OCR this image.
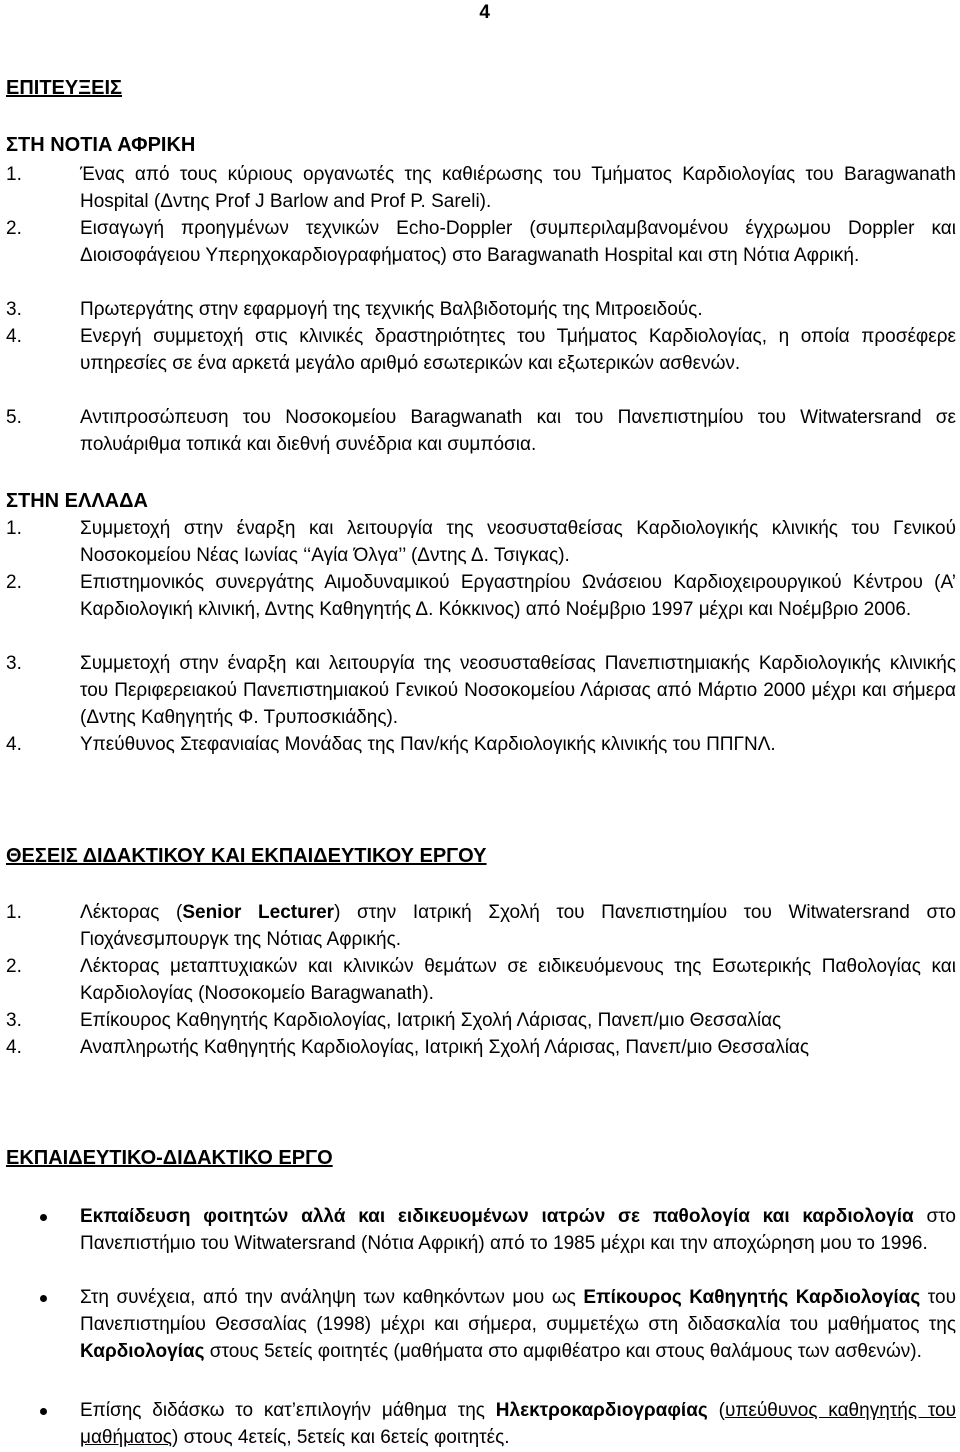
4
ΕΠΙΤΕΥΞΕΙΣ
ΣΤΗ ΝΟΤΙΑ ΑΦΡΙΚΗ
1.	Ένας από τους κύριους οργανωτές της καθιέρωσης του Τμήματος Καρδιολογίας του Baragwanath Hospital (Δντης Prof J Barlow and Prof P. Sareli).
2.	Εισαγωγή προηγμένων τεχνικών Echo-Doppler (συμπεριλαμβανομένου έγχρωμου Doppler και Διοισοφάγειου Υπερηχοκαρδιογραφήματος) στο Baragwanath Hospital και στη Νότια Αφρική.
3.	Πρωτεργάτης στην εφαρμογή της τεχνικής Βαλβιδοτομής της Μιτροειδούς.
4.	Ενεργή συμμετοχή στις κλινικές δραστηριότητες του Τμήματος Καρδιολογίας, η οποία προσέφερε υπηρεσίες σε ένα αρκετά μεγάλο αριθμό εσωτερικών και εξωτερικών ασθενών.
5.	Αντιπροσώπευση του Νοσοκομείου Baragwanath και του Πανεπιστημίου του Witwatersrand σε πολυάριθμα τοπικά και διεθνή συνέδρια και συμπόσια.
ΣΤΗΝ ΕΛΛΑΔΑ
1.	Συμμετοχή στην έναρξη και λειτουργία της νεοσυσταθείσας Καρδιολογικής κλινικής του Γενικού Νοσοκομείου Νέας Ιωνίας ‘‘Αγία Όλγα’’ (Δντης Δ. Τσιγκας).
2.	Επιστημονικός συνεργάτης Αιμοδυναμικού Εργαστηρίου Ωνάσειου Καρδιοχειρουργικού Κέντρου (Α’ Καρδιολογική κλινική, Δντης Καθηγητής Δ. Κόκκινος) από Νοέμβριο 1997 μέχρι και Νοέμβριο 2006.
3.	Συμμετοχή στην έναρξη και λειτουργία της νεοσυσταθείσας Πανεπιστημιακής Καρδιολογικής κλινικής του Περιφερειακού Πανεπιστημιακού Γενικού Νοσοκομείου Λάρισας από Μάρτιο 2000 μέχρι και σήμερα (Δντης Καθηγητής Φ. Τρυποσκιάδης).
4.	Υπεύθυνος Στεφανιαίας Μονάδας της Παν/κής Καρδιολογικής κλινικής του ΠΠΓΝΛ.
ΘΕΣΕΙΣ ΔΙΔΑΚΤΙΚΟΥ ΚΑΙ ΕΚΠΑΙΔΕΥΤΙΚΟΥ ΕΡΓΟΥ
1.	Λέκτορας (Senior Lecturer) στην Ιατρική Σχολή του Πανεπιστημίου του Witwatersrand στο Γιοχάνεσμπουργκ της Νότιας Αφρικής.
2.	Λέκτορας μεταπτυχιακών και κλινικών θεμάτων σε ειδικευόμενους της Εσωτερικής Παθολογίας και Καρδιολογίας (Νοσοκομείο Baragwanath).
3.	Επίκουρος Καθηγητής Καρδιολογίας, Ιατρική Σχολή Λάρισας, Πανεπ/μιο Θεσσαλίας
4.	Αναπληρωτής Καθηγητής Καρδιολογίας, Ιατρική Σχολή Λάρισας, Πανεπ/μιο Θεσσαλίας
ΕΚΠΑΙΔΕΥΤΙΚΟ-ΔΙΔΑΚΤΙΚΟ ΕΡΓΟ
Εκπαίδευση φοιτητών αλλά και ειδικευομένων ιατρών σε παθολογία και καρδιολογία στο Πανεπιστήμιο του Witwatersrand (Νότια Αφρική) από το 1985 μέχρι και την αποχώρηση μου το 1996.
Στη συνέχεια, από την ανάληψη των καθηκόντων μου ως Επίκουρος Καθηγητής Καρδιολογίας του Πανεπιστημίου Θεσσαλίας (1998) μέχρι και σήμερα, συμμετέχω στη διδασκαλία του μαθήματος της Καρδιολογίας στους 5ετείς φοιτητές (μαθήματα στο αμφιθέατρο και στους θαλάμους των ασθενών).
Επίσης διδάσκω το κατ’επιλογήν μάθημα της Ηλεκτροκαρδιογραφίας (υπεύθυνος καθηγητής του μαθήματος) στους 4ετείς, 5ετείς και 6ετείς φοιτητές.
